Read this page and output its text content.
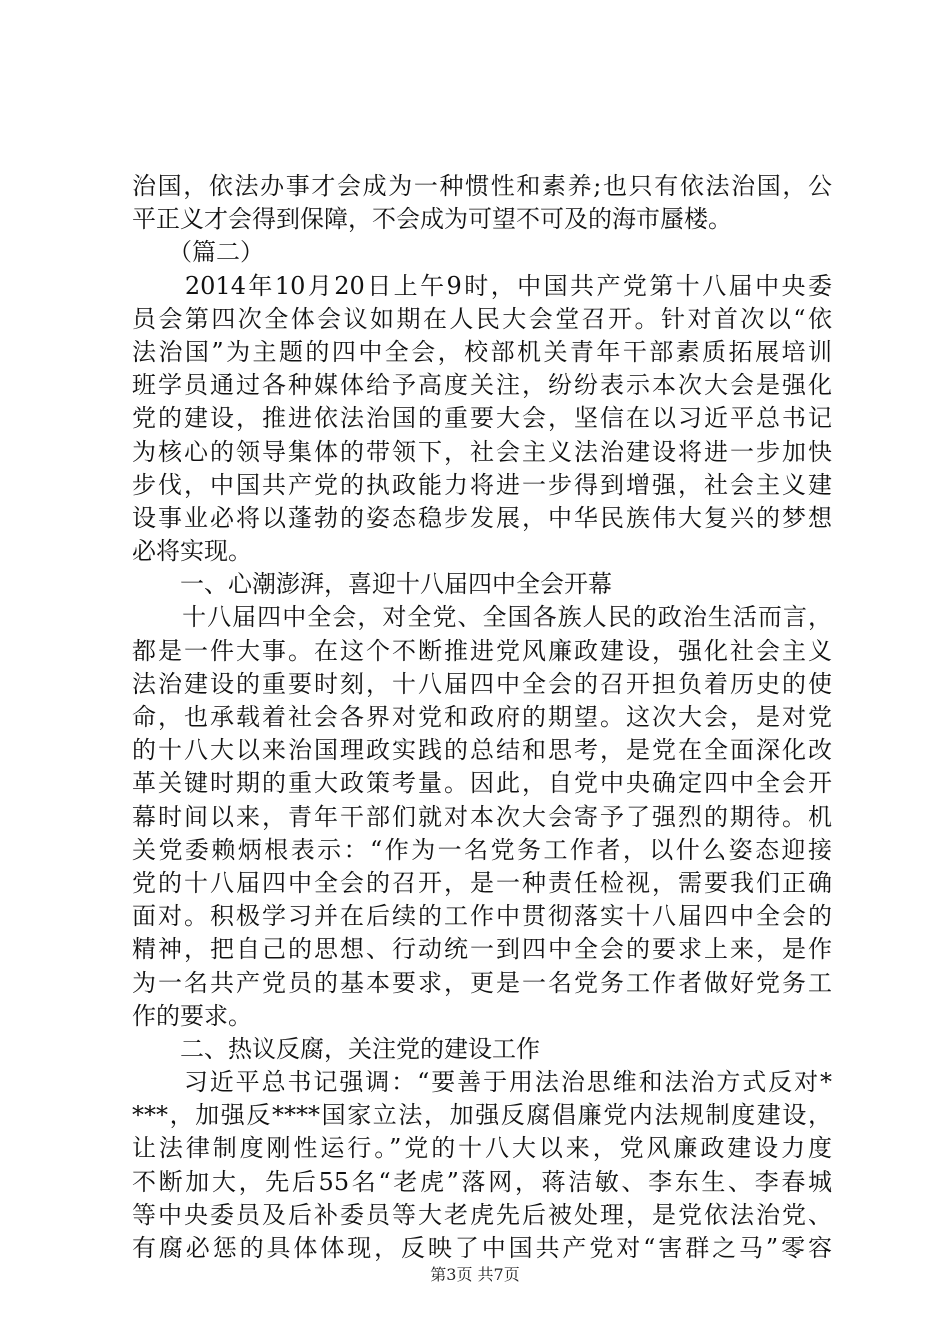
治国，依法办事才会成为一种惯性和素养;也只有依法治国，公
平正义才会得到保障，不会成为可望不可及的海市蜃楼。
　　（篇二）
　　2014年10月20日上午9时，中国共产党第十八届中央委
员会第四次全体会议如期在人民大会堂召开。针对首次以“依
法治国”为主题的四中全会，校部机关青年干部素质拓展培训
班学员通过各种媒体给予高度关注，纷纷表示本次大会是强化
党的建设，推进依法治国的重要大会，坚信在以习近平总书记
为核心的领导集体的带领下，社会主义法治建设将进一步加快
步伐，中国共产党的执政能力将进一步得到增强，社会主义建
设事业必将以蓬勃的姿态稳步发展，中华民族伟大复兴的梦想
必将实现。
　　一、心潮澎湃，喜迎十八届四中全会开幕
　　十八届四中全会，对全党、全国各族人民的政治生活而言，
都是一件大事。在这个不断推进党风廉政建设，强化社会主义
法治建设的重要时刻，十八届四中全会的召开担负着历史的使
命，也承载着社会各界对党和政府的期望。这次大会，是对党
的十八大以来治国理政实践的总结和思考，是党在全面深化改
革关键时期的重大政策考量。因此，自党中央确定四中全会开
幕时间以来，青年干部们就对本次大会寄予了强烈的期待。机
关党委赖炳根表示：“作为一名党务工作者，以什么姿态迎接
党的十八届四中全会的召开，是一种责任检视，需要我们正确
面对。积极学习并在后续的工作中贯彻落实十八届四中全会的
精神，把自己的思想、行动统一到四中全会的要求上来，是作
为一名共产党员的基本要求，更是一名党务工作者做好党务工
作的要求。
　　二、热议反腐，关注党的建设工作
　　习近平总书记强调：“要善于用法治思维和法治方式反对*
***，加强反****国家立法，加强反腐倡廉党内法规制度建设，
让法律制度刚性运行。”党的十八大以来，党风廉政建设力度
不断加大，先后55名“老虎”落网，蒋洁敏、李东生、李春城
等中央委员及后补委员等大老虎先后被处理，是党依法治党、
有腐必惩的具体体现，反映了中国共产党对“害群之马”零容
第3页 共7页
